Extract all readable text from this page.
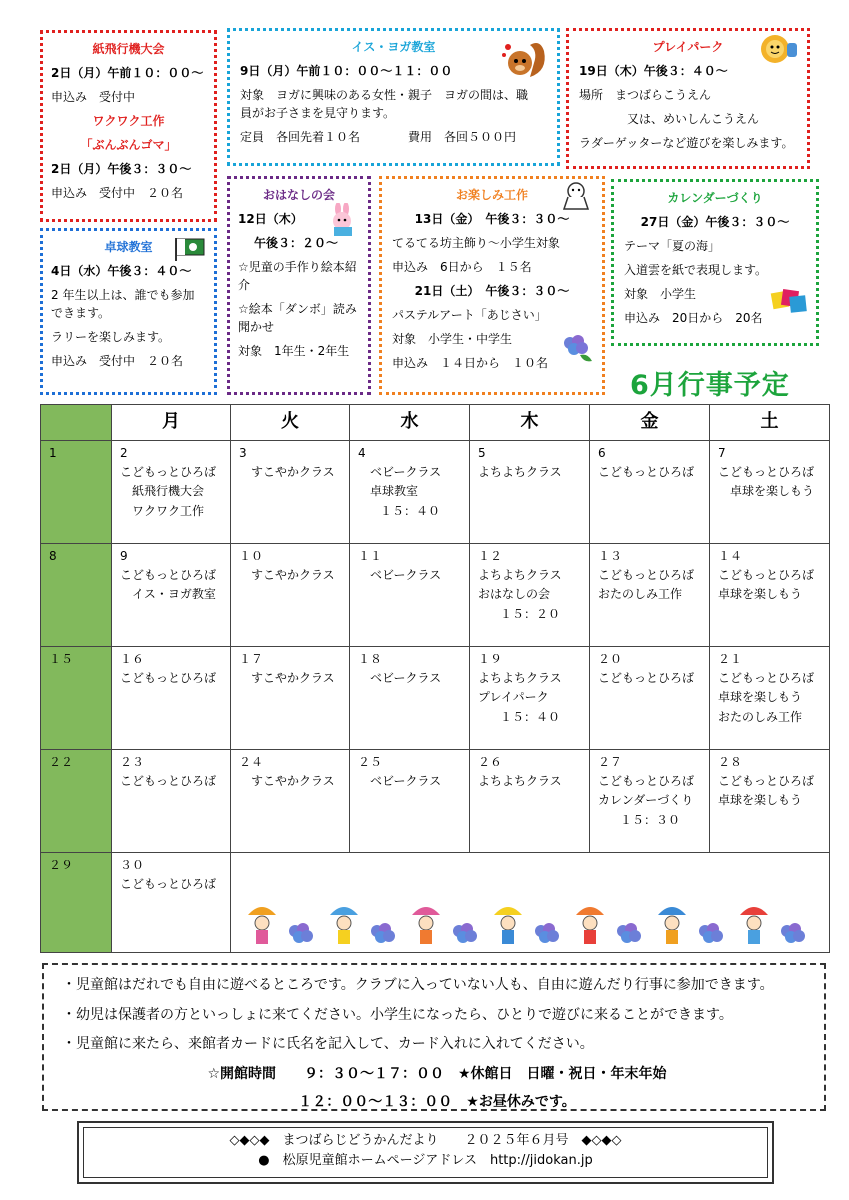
紙飛行機大会

2日（月）午前１０：００～

申込み　受付中

ワクワク工作
「ぶんぶんゴマ」

2日（月）午後３：３０～

申込み　受付中　２０名

卓球教室

4日（水）午後３：４０～

2 年生以上は、誰でも参加できます。

ラリーを楽しみます。

申込み　受付中　２０名

イス・ヨガ教室

9日（月）午前１０：００～１１：００

対象　ヨガに興味のある女性・親子　ヨガの間は、職員がお子さまを見守ります。

定員　各回先着１０名　　　　費用　各回５００円

プレイパーク

19日（木）午後３：４０～

場所　まつばらこうえん

又は、めいしんこうえん

ラダーゲッターなど遊びを楽しみます。

おはなしの会

12日（木）

午後３：２０～

☆児童の手作り絵本紹介

☆絵本「ダンボ」読み聞かせ

対象　1年生・2年生

お楽しみ工作

13日（金）　午後３：３０～

てるてる坊主飾り～小学生対象

申込み　6日から　１５名

21日（土）　午後３：３０～

パステルアート「あじさい」

対象　小学生・中学生

申込み　１４日から　１０名

カレンダーづくり

27日（金）午後３：３０～

テーマ「夏の海」

入道雲を紙で表現します。

対象　小学生

申込み　20日から　20名

6月行事予定
	月	火	水	木	金	土
1	2
こどもっとひろば
紙飛行機大会
ワクワク工作	3
すこやかクラス	4
ベビークラス
卓球教室
１５：４０	5
よちよちクラス	6
こどもっとひろば	7
こどもっとひろば
卓球を楽しもう

8	9
こどもっとひろば
イス・ヨガ教室	１０
すこやかクラス	１１
ベビークラス	１２
よちよちクラス
おはなしの会
１５：２０	１３
こどもっとひろば
おたのしみ工作	１４
こどもっとひろば
卓球を楽しもう

１５	１６
こどもっとひろば	１７
すこやかクラス	１８
ベビークラス	１９
よちよちクラス
プレイパーク
１５：４０	２０
こどもっとひろば	２１
こどもっとひろば
卓球を楽しもう
おたのしみ工作

２２	２３
こどもっとひろば	２４
すこやかクラス	２５
ベビークラス	２６
よちよちクラス	２７
こどもっとひろば
カレンダーづくり
１５：３０	２８
こどもっとひろば
卓球を楽しもう

２９	３０
こどもっとひろば					

・児童館はだれでも自由に遊べるところです。クラブに入っていない人も、自由に遊んだり行事に参加できます。

・幼児は保護者の方といっしょに来てください。小学生になったら、ひとりで遊びに来ることができます。

・児童館に来たら、来館者カードに氏名を記入して、カード入れに入れてください。

☆開館時間　　９：３０～１７：００　★休館日　日曜・祝日・年末年始
１２：００～１３：００　★お昼休みです。
◇◆◇◆　まつばらじどうかんだより　　２０２５年６月号　◆◇◆◇
●　松原児童館ホームページアドレス　http://jidokan.jp
